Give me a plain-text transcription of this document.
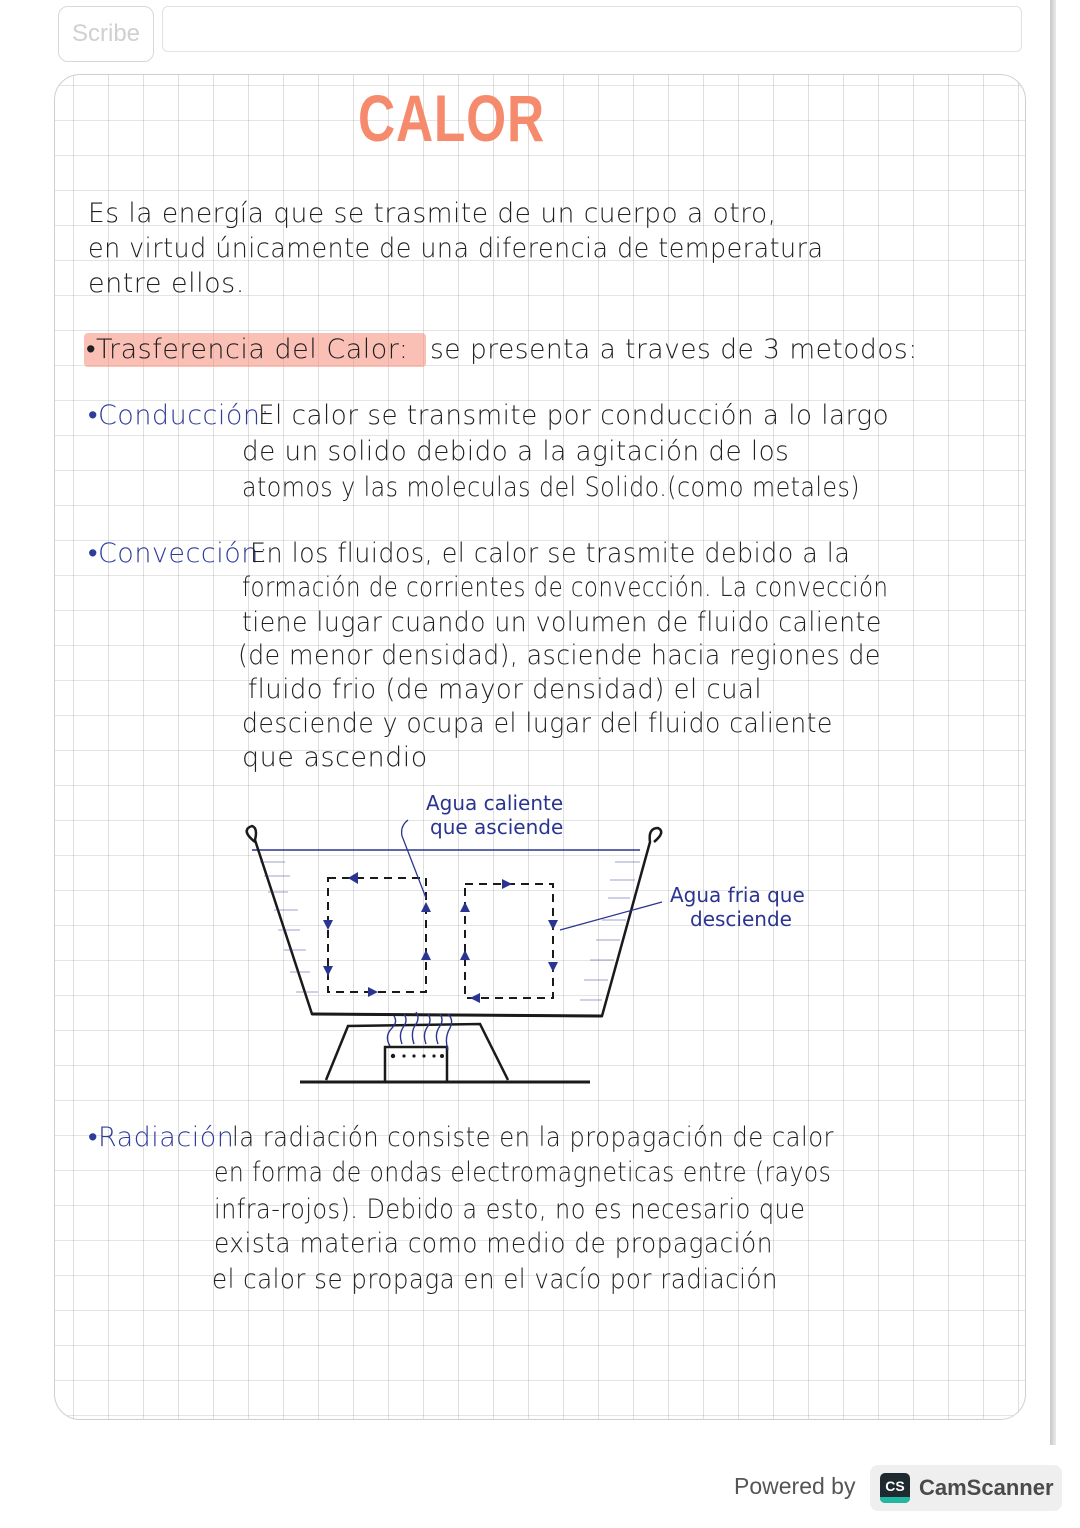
Scribe
CALOR
Es la energía que se trasmite de un cuerpo a otro,
en virtud únicamente de una diferencia de temperatura
entre ellos.
•Trasferencia del Calor: se presenta a traves de 3 metodos:
•Conducción:
El calor se transmite por conducción a lo largo
de un solido debido a la agitación de los
atomos y las moleculas del Solido.(como metales)
•Convección:
En los fluidos, el calor se trasmite debido a la
formación de corrientes de convección. La convección
tiene lugar cuando un volumen de fluido caliente
(de menor densidad), asciende hacia regiones de
fluido frio (de mayor densidad) el cual
desciende y ocupa el lugar del fluido caliente
que ascendio
Agua caliente
que asciende
Agua fria que
desciende
•Radiación
la radiación consiste en la propagación de calor
en forma de ondas electromagneticas entre (rayos
infra-rojos). Debido a esto, no es necesario que
exista materia como medio de propagación
el calor se propaga en el vacío por radiación
Powered by CS CamScanner
